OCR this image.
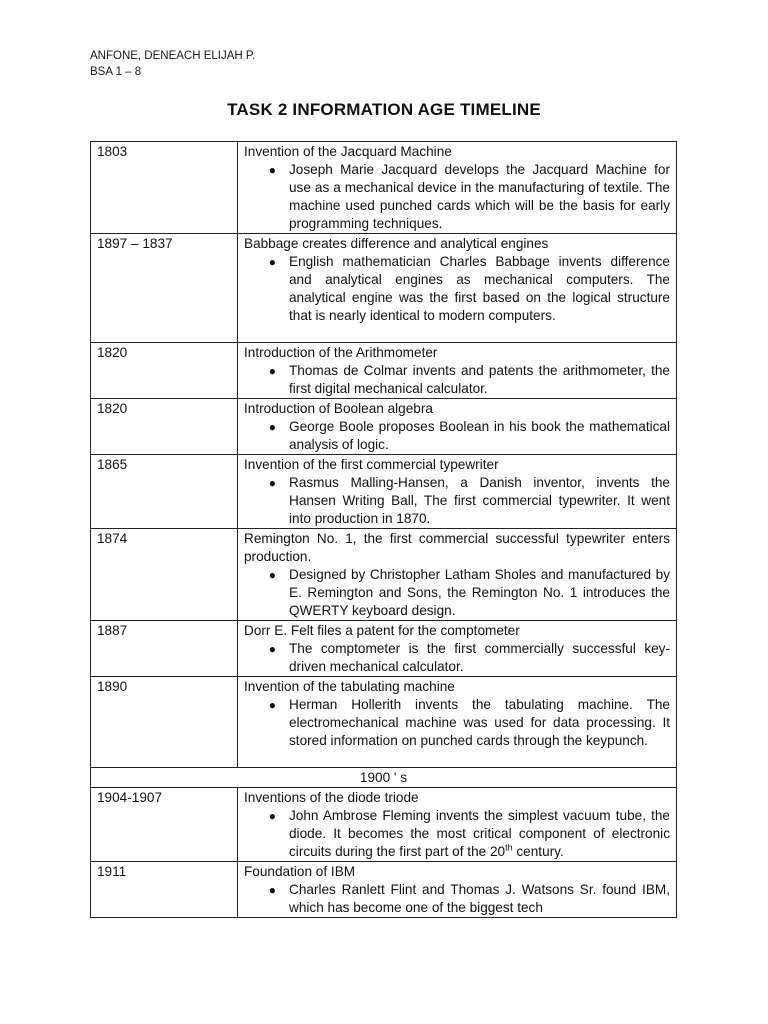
ANFONE, DENEACH ELIJAH P.
BSA 1 – 8
TASK 2 INFORMATION AGE TIMELINE
1803	Invention of the Jacquard Machine
● Joseph Marie Jacquard develops the Jacquard Machine for use as a mechanical device in the manufacturing of textile. The machine used punched cards which will be the basis for early programming techniques.

1897 – 1837	Babbage creates difference and analytical engines
● English mathematician Charles Babbage invents difference and analytical engines as mechanical computers. The analytical engine was the first based on the logical structure that is nearly identical to modern computers.

1820	Introduction of the Arithmometer
● Thomas de Colmar invents and patents the arithmometer, the first digital mechanical calculator.

1820	Introduction of Boolean algebra
● George Boole proposes Boolean in his book the mathematical analysis of logic.

1865	Invention of the first commercial typewriter
● Rasmus Malling-Hansen, a Danish inventor, invents the Hansen Writing Ball, The first commercial typewriter. It went into production in 1870.

1874	Remington No. 1, the first commercial successful typewriter enters production.
● Designed by Christopher Latham Sholes and manufactured by E. Remington and Sons, the Remington No. 1 introduces the QWERTY keyboard design.

1887	Dorr E. Felt files a patent for the comptometer
● The comptometer is the first commercially successful key-driven mechanical calculator.

1890	Invention of the tabulating machine
● Herman Hollerith invents the tabulating machine. The electromechanical machine was used for data processing. It stored information on punched cards through the keypunch.

1900 ' s	
1904-1907	Inventions of the diode triode
● John Ambrose Fleming invents the simplest vacuum tube, the diode. It becomes the most critical component of electronic circuits during the first part of the 20th century.

1911	Foundation of IBM
● Charles Ranlett Flint and Thomas J. Watsons Sr. found IBM, which has become one of the biggest tech
